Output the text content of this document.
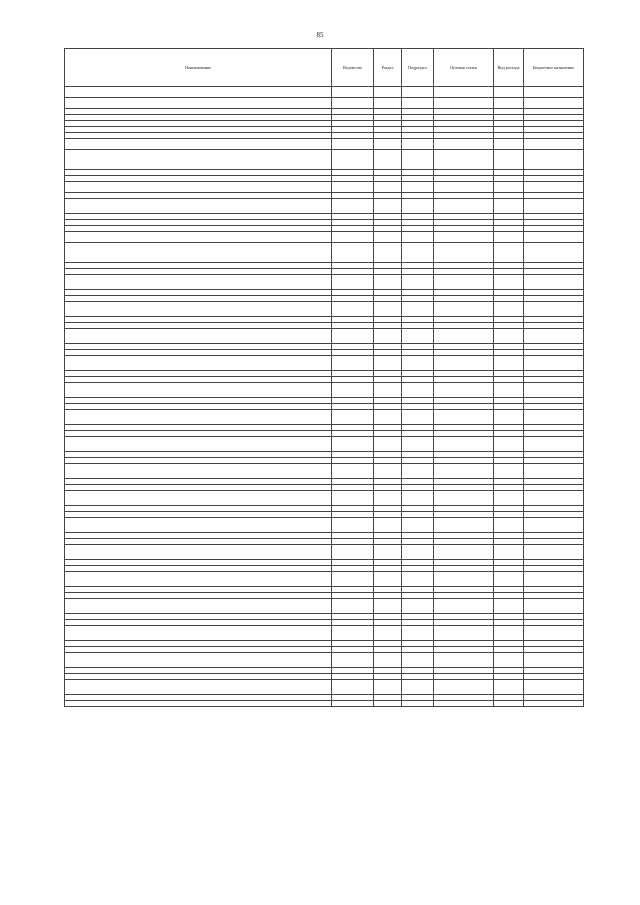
85
Наименование	Ведомство	Раздел	Подраздел	Целевая статья	Вид расхода	Бюджетное назначение
